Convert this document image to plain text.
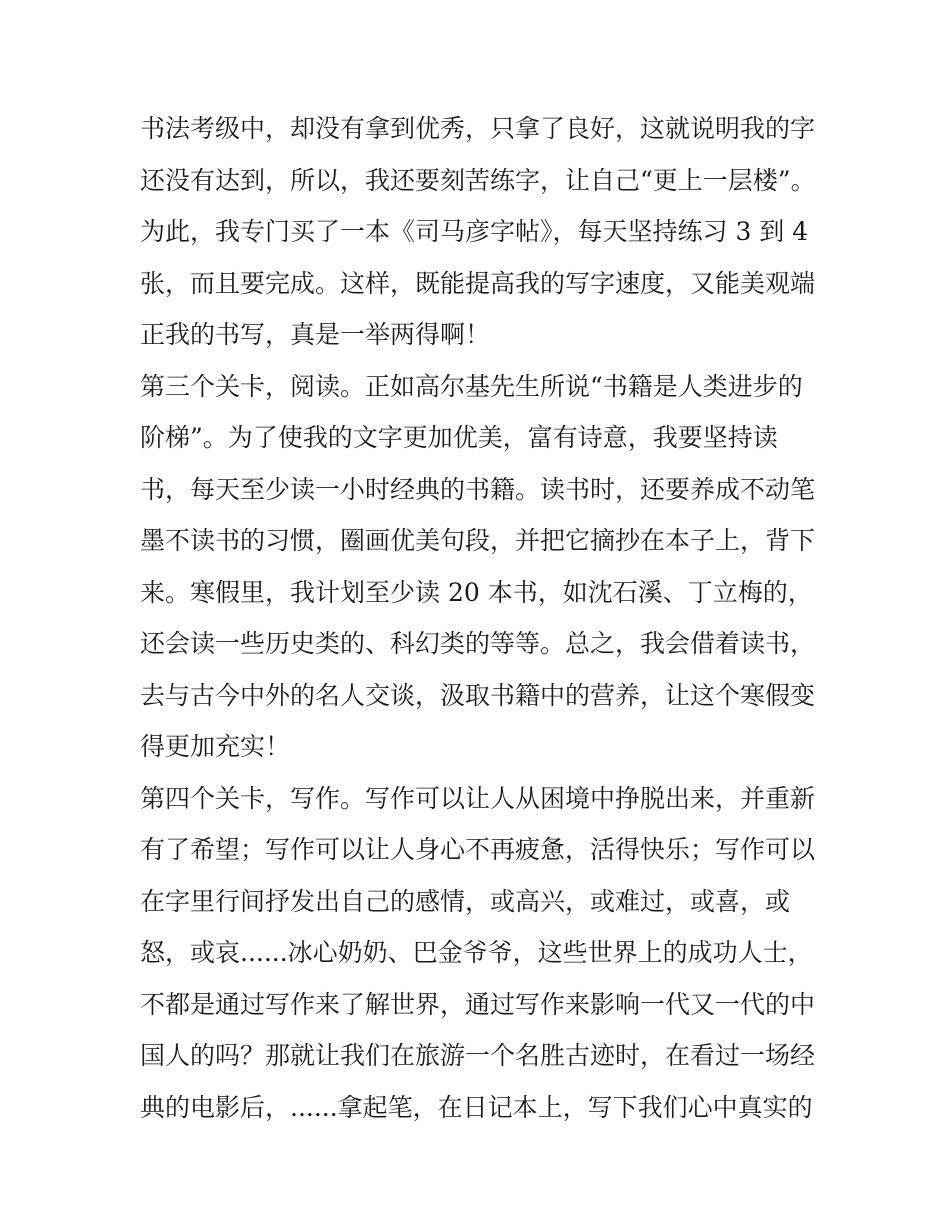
书法考级中，却没有拿到优秀，只拿了良好，这就说明我的字
还没有达到，所以，我还要刻苦练字，让自己“更上一层楼”。
为此，我专门买了一本《司马彦字帖》，每天坚持练习 3 到 4
张，而且要完成。这样，既能提高我的写字速度，又能美观端
正我的书写，真是一举两得啊！
第三个关卡，阅读。正如高尔基先生所说“书籍是人类进步的
阶梯”。为了使我的文字更加优美，富有诗意，我要坚持读
书，每天至少读一小时经典的书籍。读书时，还要养成不动笔
墨不读书的习惯，圈画优美句段，并把它摘抄在本子上，背下
来。寒假里，我计划至少读 20 本书，如沈石溪、丁立梅的，
还会读一些历史类的、科幻类的等等。总之，我会借着读书，
去与古今中外的名人交谈，汲取书籍中的营养，让这个寒假变
得更加充实！
第四个关卡，写作。写作可以让人从困境中挣脱出来，并重新
有了希望；写作可以让人身心不再疲惫，活得快乐；写作可以
在字里行间抒发出自己的感情，或高兴，或难过，或喜，或
怒，或哀......冰心奶奶、巴金爷爷，这些世界上的成功人士，
不都是通过写作来了解世界，通过写作来影响一代又一代的中
国人的吗？那就让我们在旅游一个名胜古迹时，在看过一场经
典的电影后，......拿起笔，在日记本上，写下我们心中真实的
